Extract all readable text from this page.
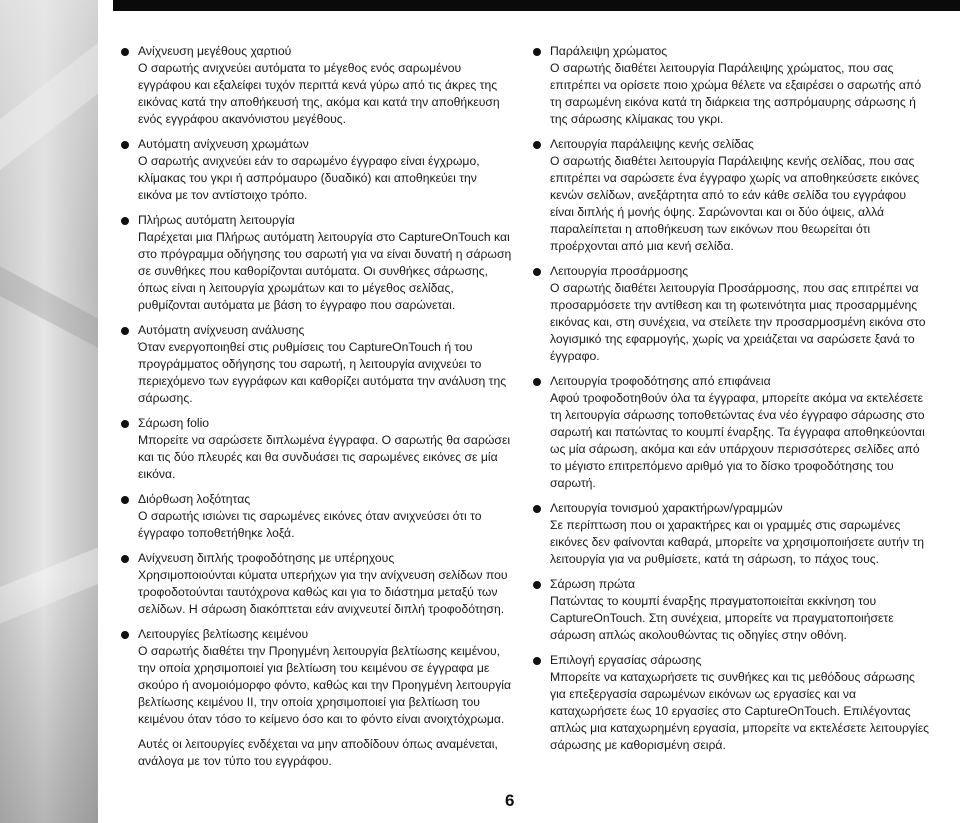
Ανίχνευση μεγέθους χαρτιού
Ο σαρωτής ανιχνεύει αυτόματα το μέγεθος ενός σαρωμένου εγγράφου και εξαλείφει τυχόν περιττά κενά γύρω από τις άκρες της εικόνας κατά την αποθήκευσή της, ακόμα και κατά την αποθήκευση ενός εγγράφου ακανόνιστου μεγέθους.
Αυτόματη ανίχνευση χρωμάτων
Ο σαρωτής ανιχνεύει εάν το σαρωμένο έγγραφο είναι έγχρωμο, κλίμακας του γκρι ή ασπρόμαυρο (δυαδικό) και αποθηκεύει την εικόνα με τον αντίστοιχο τρόπο.
Πλήρως αυτόματη λειτουργία
Παρέχεται μια Πλήρως αυτόματη λειτουργία στο CaptureOnTouch και στο πρόγραμμα οδήγησης του σαρωτή για να είναι δυνατή η σάρωση σε συνθήκες που καθορίζονται αυτόματα. Οι συνθήκες σάρωσης, όπως είναι η λειτουργία χρωμάτων και το μέγεθος σελίδας, ρυθμίζονται αυτόματα με βάση το έγγραφο που σαρώνεται.
Αυτόματη ανίχνευση ανάλυσης
Όταν ενεργοποιηθεί στις ρυθμίσεις του CaptureOnTouch ή του προγράμματος οδήγησης του σαρωτή, η λειτουργία ανιχνεύει το περιεχόμενο των εγγράφων και καθορίζει αυτόματα την ανάλυση της σάρωσης.
Σάρωση folio
Μπορείτε να σαρώσετε διπλωμένα έγγραφα. Ο σαρωτής θα σαρώσει και τις δύο πλευρές και θα συνδυάσει τις σαρωμένες εικόνες σε μία εικόνα.
Διόρθωση λοξότητας
Ο σαρωτής ισιώνει τις σαρωμένες εικόνες όταν ανιχνεύσει ότι το έγγραφο τοποθετήθηκε λοξά.
Ανίχνευση διπλής τροφοδότησης με υπέρηχους
Χρησιμοποιούνται κύματα υπερήχων για την ανίχνευση σελίδων που τροφοδοτούνται ταυτόχρονα καθώς και για το διάστημα μεταξύ των σελίδων. Η σάρωση διακόπτεται εάν ανιχνευτεί διπλή τροφοδότηση.
Λειτουργίες βελτίωσης κειμένου
Ο σαρωτής διαθέτει την Προηγμένη λειτουργία βελτίωσης κειμένου, την οποία χρησιμοποιεί για βελτίωση του κειμένου σε έγγραφα με σκούρο ή ανομοιόμορφο φόντο, καθώς και την Προηγμένη λειτουργία βελτίωσης κειμένου ΙΙ, την οποία χρησιμοποιεί για βελτίωση του κειμένου όταν τόσο το κείμενο όσο και το φόντο είναι ανοιχτόχρωμα.
Αυτές οι λειτουργίες ενδέχεται να μην αποδίδουν όπως αναμένεται, ανάλογα με τον τύπο του εγγράφου.
Παράλειψη χρώματος
Ο σαρωτής διαθέτει λειτουργία Παράλειψης χρώματος, που σας επιτρέπει να ορίσετε ποιο χρώμα θέλετε να εξαιρέσει ο σαρωτής από τη σαρωμένη εικόνα κατά τη διάρκεια της ασπρόμαυρης σάρωσης ή της σάρωσης κλίμακας του γκρι.
Λειτουργία παράλειψης κενής σελίδας
Ο σαρωτής διαθέτει λειτουργία Παράλειψης κενής σελίδας, που σας επιτρέπει να σαρώσετε ένα έγγραφο χωρίς να αποθηκεύσετε εικόνες κενών σελίδων, ανεξάρτητα από το εάν κάθε σελίδα του εγγράφου είναι διπλής ή μονής όψης. Σαρώνονται και οι δύο όψεις, αλλά παραλείπεται η αποθήκευση των εικόνων που θεωρείται ότι προέρχονται από μια κενή σελίδα.
Λειτουργία προσάρμοσης
Ο σαρωτής διαθέτει λειτουργία Προσάρμοσης, που σας επιτρέπει να προσαρμόσετε την αντίθεση και τη φωτεινότητα μιας προσαρμμένης εικόνας και, στη συνέχεια, να στείλετε την προσαρμοσμένη εικόνα στο λογισμικό της εφαρμογής, χωρίς να χρειάζεται να σαρώσετε ξανά το έγγραφο.
Λειτουργία τροφοδότησης από επιφάνεια
Αφού τροφοδοτηθούν όλα τα έγγραφα, μπορείτε ακόμα να εκτελέσετε τη λειτουργία σάρωσης τοποθετώντας ένα νέο έγγραφο σάρωσης στο σαρωτή και πατώντας το κουμπί έναρξης. Τα έγγραφα αποθηκεύονται ως μία σάρωση, ακόμα και εάν υπάρχουν περισσότερες σελίδες από το μέγιστο επιτρεπόμενο αριθμό για το δίσκο τροφοδότησης του σαρωτή.
Λειτουργία τονισμού χαρακτήρων/γραμμών
Σε περίπτωση που οι χαρακτήρες και οι γραμμές στις σαρωμένες εικόνες δεν φαίνονται καθαρά, μπορείτε να χρησιμοποιήσετε αυτήν τη λειτουργία για να ρυθμίσετε, κατά τη σάρωση, το πάχος τους.
Σάρωση πρώτα
Πατώντας το κουμπί έναρξης πραγματοποιείται εκκίνηση του CaptureOnTouch. Στη συνέχεια, μπορείτε να πραγματοποιήσετε σάρωση απλώς ακολουθώντας τις οδηγίες στην οθόνη.
Επιλογή εργασίας σάρωσης
Μπορείτε να καταχωρήσετε τις συνθήκες και τις μεθόδους σάρωσης για επεξεργασία σαρωμένων εικόνων ως εργασίες και να καταχωρήσετε έως 10 εργασίες στο CaptureOnTouch. Επιλέγοντας απλώς μια καταχωρημένη εργασία, μπορείτε να εκτελέσετε λειτουργίες σάρωσης με καθορισμένη σειρά.
6
